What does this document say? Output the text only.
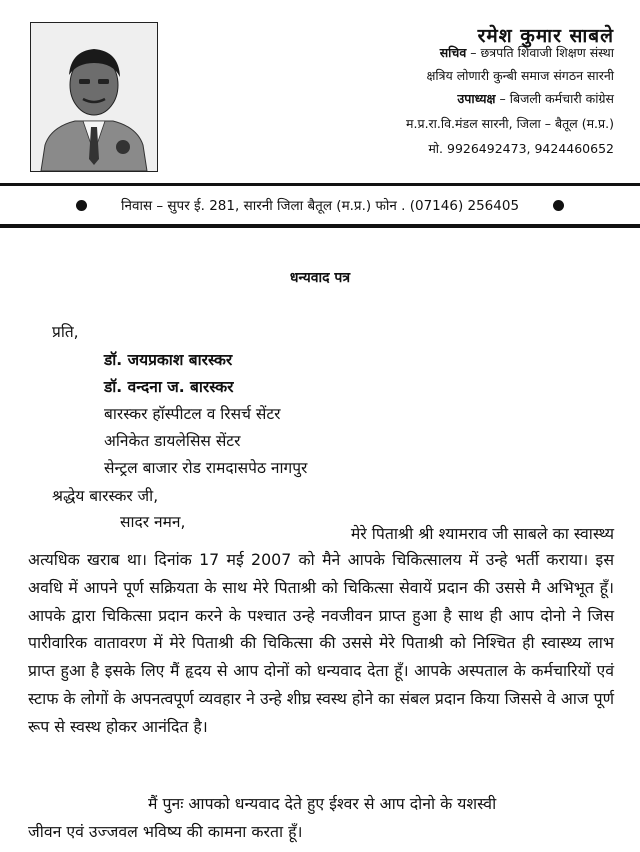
रमेश कुमार साबले
सचिव – छत्रपति शिवाजी शिक्षण संस्था
क्षत्रिय लोणारी कुन्बी समाज संगठन सारनी
उपाध्यक्ष – बिजली कर्मचारी कांग्रेस
म.प्र.रा.वि.मंडल सारनी, जिला – बैतूल (म.प्र.)
मो. 9926492473, 9424460652
निवास – सुपर ई. 281, सारनी जिला बैतूल (म.प्र.) फोन . (07146) 256405
धन्यवाद पत्र
प्रति,
डॉ. जयप्रकाश बारस्कर
डॉ. वन्दना ज. बारस्कर
बारस्कर हॉस्पीटल व रिसर्च सेंटर
अनिकेत डायलेसिस सेंटर
सेन्ट्रल बाजार रोड रामदासपेठ नागपुर
श्रद्धेय बारस्कर जी,
सादर नमन,
मेरे पिताश्री श्री श्यामराव जी साबले का स्वास्थ्य
अत्यधिक खराब था। दिनांक 17 मई 2007 को मैने आपके चिकित्सालय में उन्हे भर्ती कराया। इस अवधि में आपने पूर्ण सक्रियता के साथ मेरे पिताश्री को चिकित्सा सेवायें प्रदान की उससे मै अभिभूत हूँ। आपके द्वारा चिकित्सा प्रदान करने के पश्चात उन्हे नवजीवन प्राप्त हुआ है साथ ही आप दोनो ने जिस पारीवारिक वातावरण में मेरे पिताश्री की चिकित्सा की उससे मेरे पिताश्री को निश्चित ही स्वास्थ्य लाभ प्राप्त हुआ है इसके लिए मैं हृदय से आप दोनों को धन्यवाद देता हूँ। आपके अस्पताल के कर्मचारियों एवं स्टाफ के लोगों के अपनत्वपूर्ण व्यवहार ने उन्हे शीघ्र स्वस्थ होने का संबल प्रदान किया जिससे वे आज पूर्ण रूप से स्वस्थ होकर आनंदित है।
मैं पुनः आपको धन्यवाद देते हुए ईश्वर से आप दोनो के यशस्वी
जीवन एवं उज्जवल भविष्य की कामना करता हूँ।
